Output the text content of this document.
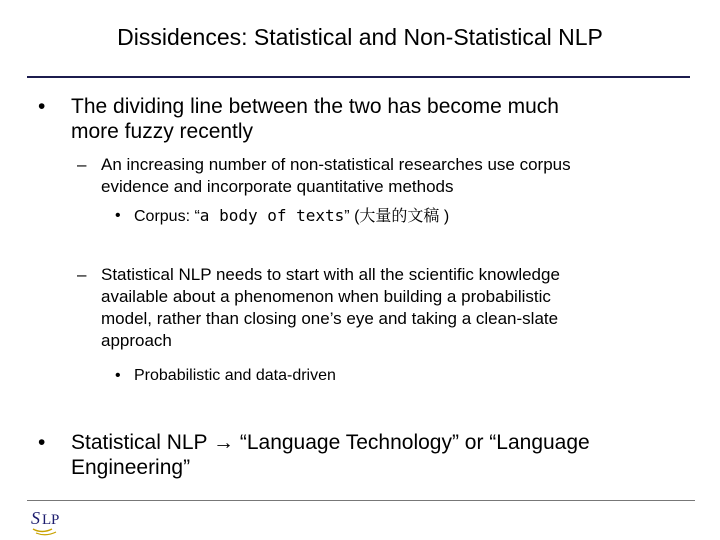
Dissidences: Statistical and Non-Statistical NLP
• The dividing line between the two has become much
more fuzzy recently
– An increasing number of non-statistical researches use corpus
evidence and incorporate quantitative methods
• Corpus: “a body of texts” (大量的文稿 )
– Statistical NLP needs to start with all the scientific knowledge
available about a phenomenon when building a probabilistic
model, rather than closing one’s eye and taking a clean-slate
approach
• Probabilistic and data-driven
• Statistical NLP → “Language Technology” or “Language
Engineering”
S L P
